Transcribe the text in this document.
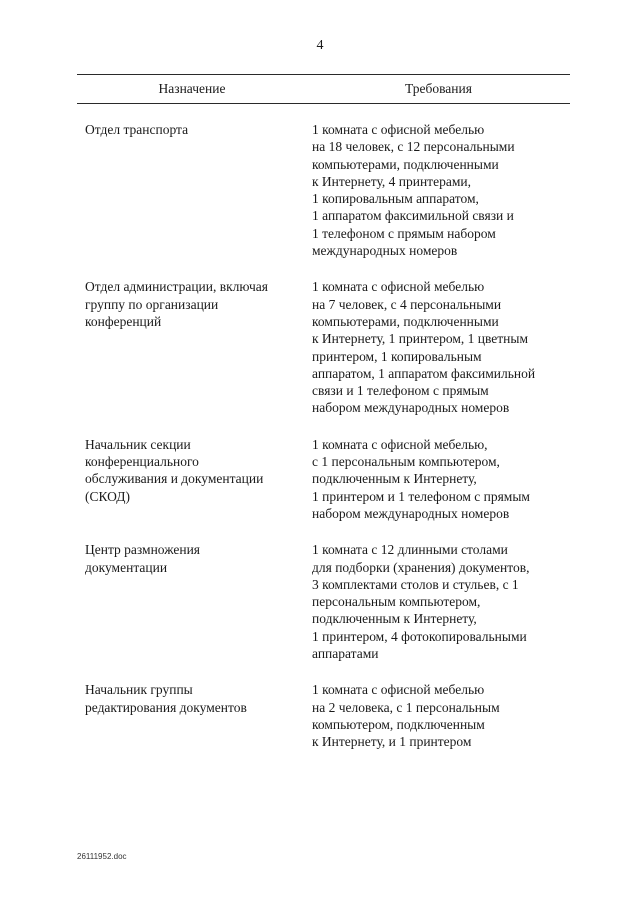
4
Назначение	Требования
Отдел транспорта	1 комната с офисной мебелью
на 18 человек, с 12 персональными
компьютерами, подключенными
к Интернету, 4 принтерами,
1 копировальным аппаратом,
1 аппаратом факсимильной связи и
1 телефоном с прямым набором
международных номеров
Отдел администрации, включая
группу по организации
конференций
1 комната с офисной мебелью
на 7 человек, с 4 персональными
компьютерами, подключенными
к Интернету, 1 принтером, 1 цветным
принтером, 1 копировальным
аппаратом, 1 аппаратом факсимильной
связи и 1 телефоном с прямым
набором международных номеров
Начальник секции
конференциального
обслуживания и документации
(СКОД)
1 комната с офисной мебелью,
с 1 персональным компьютером,
подключенным к Интернету,
1 принтером и 1 телефоном с прямым
набором международных номеров
Центр размножения
документации
1 комната с 12 длинными столами
для подборки (хранения) документов,
3 комплектами столов и стульев, с 1
персональным компьютером,
подключенным к Интернету,
1 принтером, 4 фотокопировальными
аппаратами
Начальник группы
редактирования документов
1 комната с офисной мебелью
на 2 человека, с 1 персональным
компьютером, подключенным
к Интернету, и 1 принтером
26111952.doc
